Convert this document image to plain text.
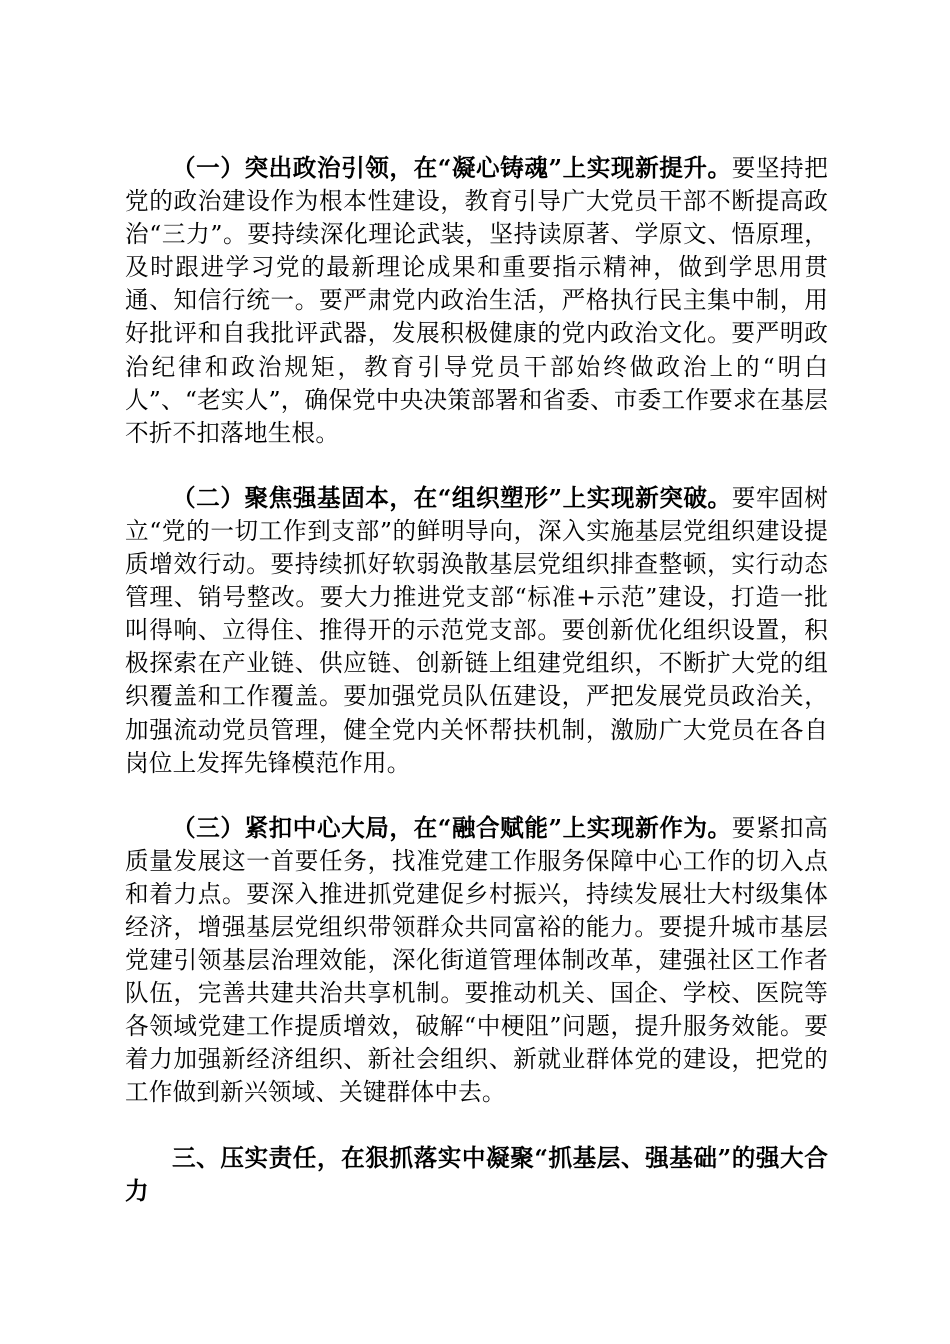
（一）突出政治引领，在“凝心铸魂”上实现新提升。要坚持把党的政治建设作为根本性建设，教育引导广大党员干部不断提高政治“三力”。要持续深化理论武装，坚持读原著、学原文、悟原理，及时跟进学习党的最新理论成果和重要指示精神，做到学思用贯通、知信行统一。要严肃党内政治生活，严格执行民主集中制，用好批评和自我批评武器，发展积极健康的党内政治文化。要严明政治纪律和政治规矩，教育引导党员干部始终做政治上的“明白人”、“老实人”，确保党中央决策部署和省委、市委工作要求在基层不折不扣落地生根。

（二）聚焦强基固本，在“组织塑形”上实现新突破。要牢固树立“党的一切工作到支部”的鲜明导向，深入实施基层党组织建设提质增效行动。要持续抓好软弱涣散基层党组织排查整顿，实行动态管理、销号整改。要大力推进党支部“标准+示范”建设，打造一批叫得响、立得住、推得开的示范党支部。要创新优化组织设置，积极探索在产业链、供应链、创新链上组建党组织，不断扩大党的组织覆盖和工作覆盖。要加强党员队伍建设，严把发展党员政治关，加强流动党员管理，健全党内关怀帮扶机制，激励广大党员在各自岗位上发挥先锋模范作用。

（三）紧扣中心大局，在“融合赋能”上实现新作为。要紧扣高质量发展这一首要任务，找准党建工作服务保障中心工作的切入点和着力点。要深入推进抓党建促乡村振兴，持续发展壮大村级集体经济，增强基层党组织带领群众共同富裕的能力。要提升城市基层党建引领基层治理效能，深化街道管理体制改革，建强社区工作者队伍，完善共建共治共享机制。要推动机关、国企、学校、医院等各领域党建工作提质增效，破解“中梗阻”问题，提升服务效能。要着力加强新经济组织、新社会组织、新就业群体党的建设，把党的工作做到新兴领域、关键群体中去。

三、压实责任，在狠抓落实中凝聚“抓基层、强基础”的强大合力
